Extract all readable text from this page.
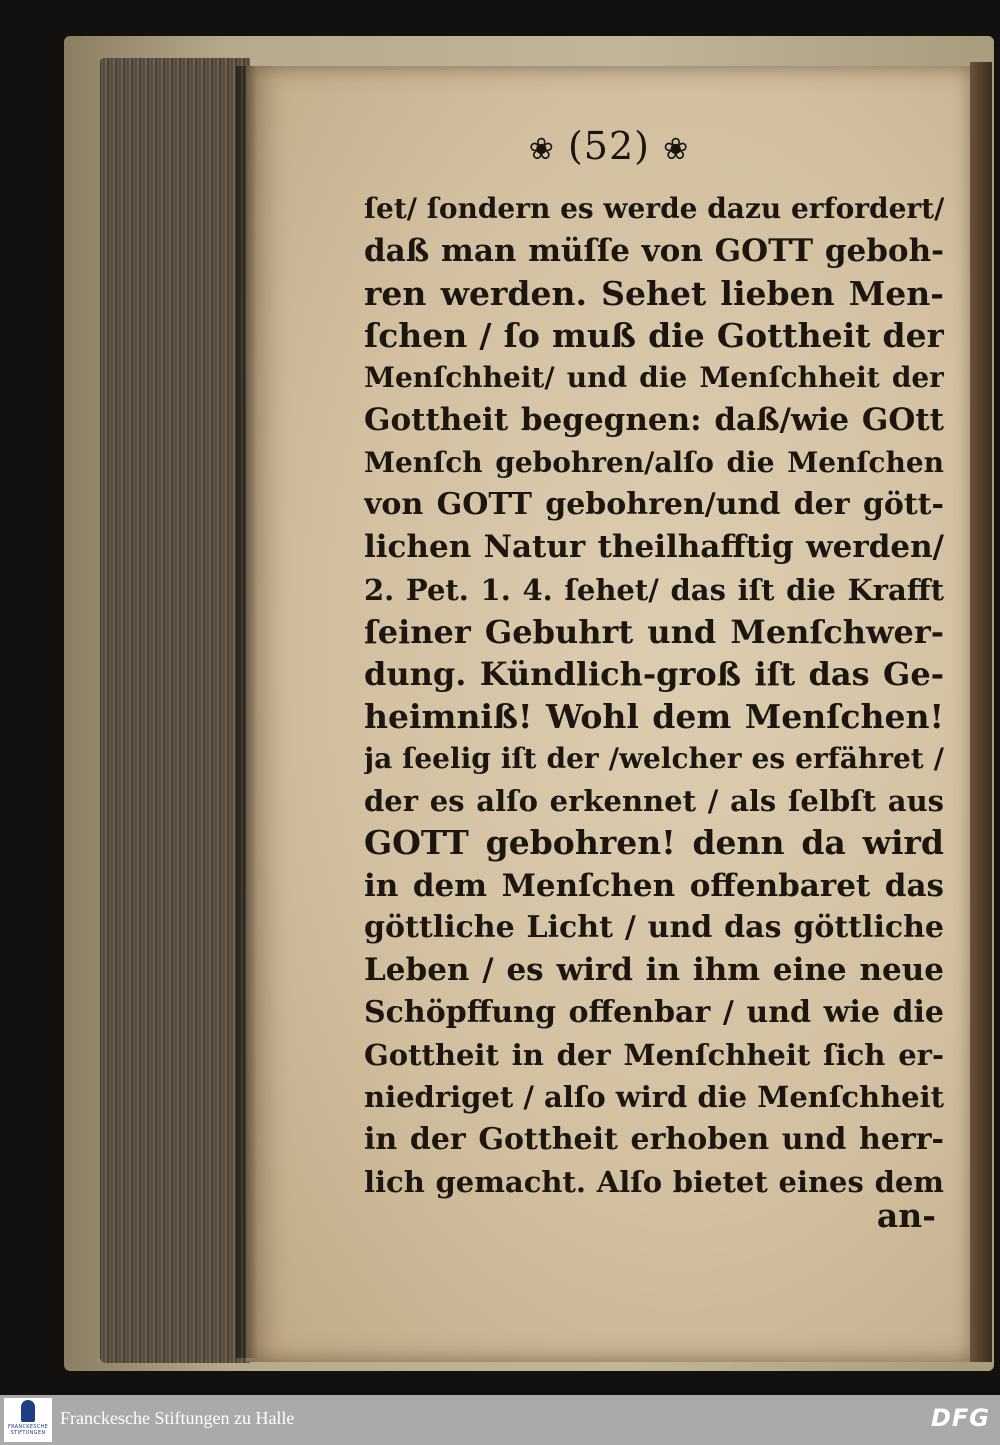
❀ (52) ❀
ſet/ ſondern es werde dazu erfordert/
daß man müſſe von GOTT geboh-
ren werden. Sehet lieben Men-
ſchen / ſo muß die Gottheit der
Menſchheit/ und die Menſchheit der
Gottheit begegnen: daß/wie GOtt
Menſch gebohren/alſo die Menſchen
von GOTT gebohren/und der gött-
lichen Natur theilhafftig werden/
2. Pet. 1. 4. ſehet/ das iſt die Krafft
ſeiner Gebuhrt und Menſchwer-
dung. Kündlich-groß iſt das Ge-
heimniß! Wohl dem Menſchen!
ja ſeelig iſt der /welcher es erfähret /
der es alſo erkennet / als ſelbſt aus
GOTT gebohren! denn da wird
in dem Menſchen offenbaret das
göttliche Licht / und das göttliche
Leben / es wird in ihm eine neue
Schöpffung offenbar / und wie die
Gottheit in der Menſchheit ſich er-
niedriget / alſo wird die Menſchheit
in der Gottheit erhoben und herr-
lich gemacht. Alſo bietet eines dem
an-
FRANCKESCHE STIFTUNGEN
Franckesche Stiftungen zu Halle	DFG
